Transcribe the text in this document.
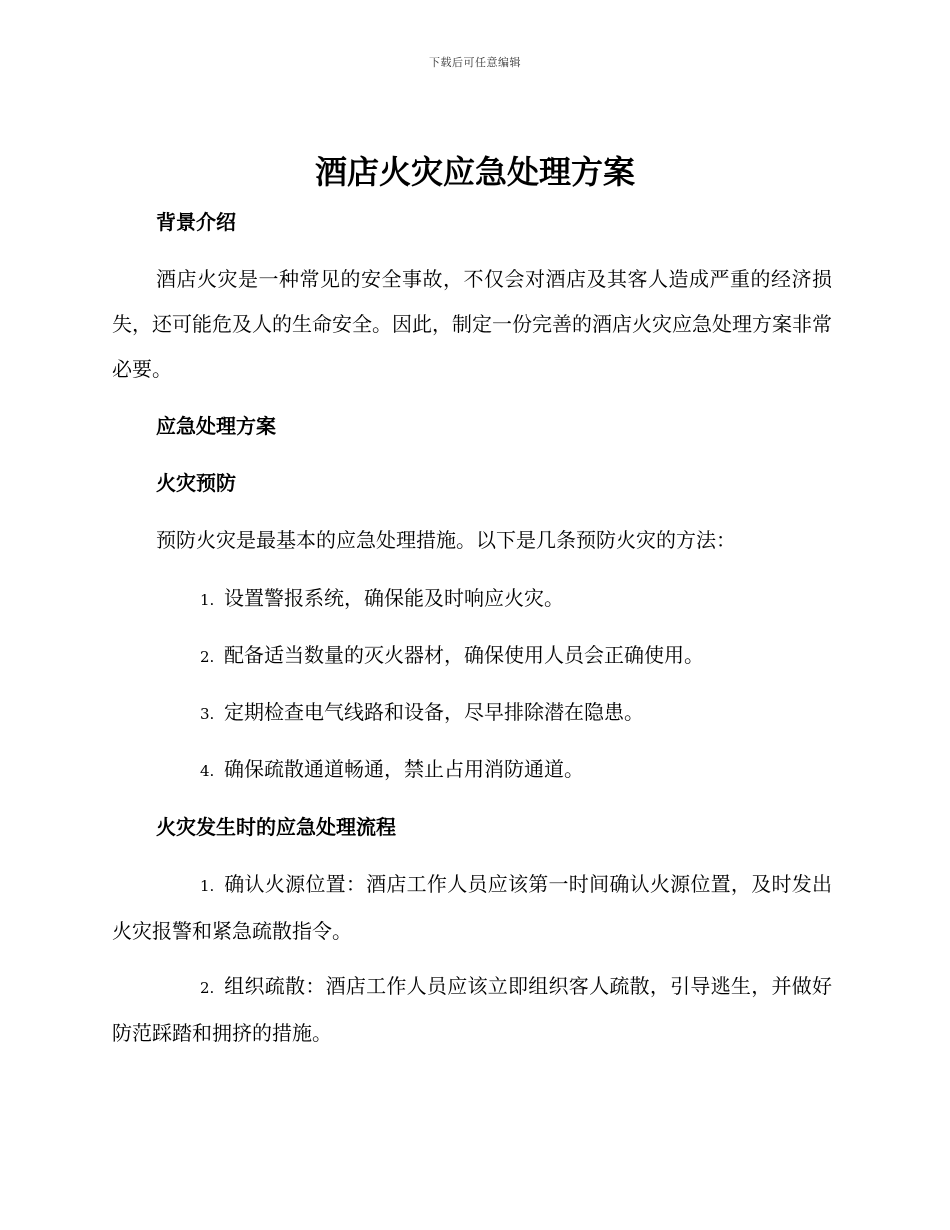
下载后可任意编辑
酒店火灾应急处理方案
背景介绍

酒店火灾是一种常见的安全事故，不仅会对酒店及其客人造成严重的经济损失，还可能危及人的生命安全。因此，制定一份完善的酒店火灾应急处理方案非常必要。

应急处理方案
火灾预防

预防火灾是最基本的应急处理措施。以下是几条预防火灾的方法：

1. 设置警报系统，确保能及时响应火灾。
2. 配备适当数量的灭火器材，确保使用人员会正确使用。
3. 定期检查电气线路和设备，尽早排除潜在隐患。
4. 确保疏散通道畅通，禁止占用消防通道。
火灾发生时的应急处理流程
1. 确认火源位置：酒店工作人员应该第一时间确认火源位置，及时发出火灾报警和紧急疏散指令。
2. 组织疏散：酒店工作人员应该立即组织客人疏散，引导逃生，并做好防范踩踏和拥挤的措施。
